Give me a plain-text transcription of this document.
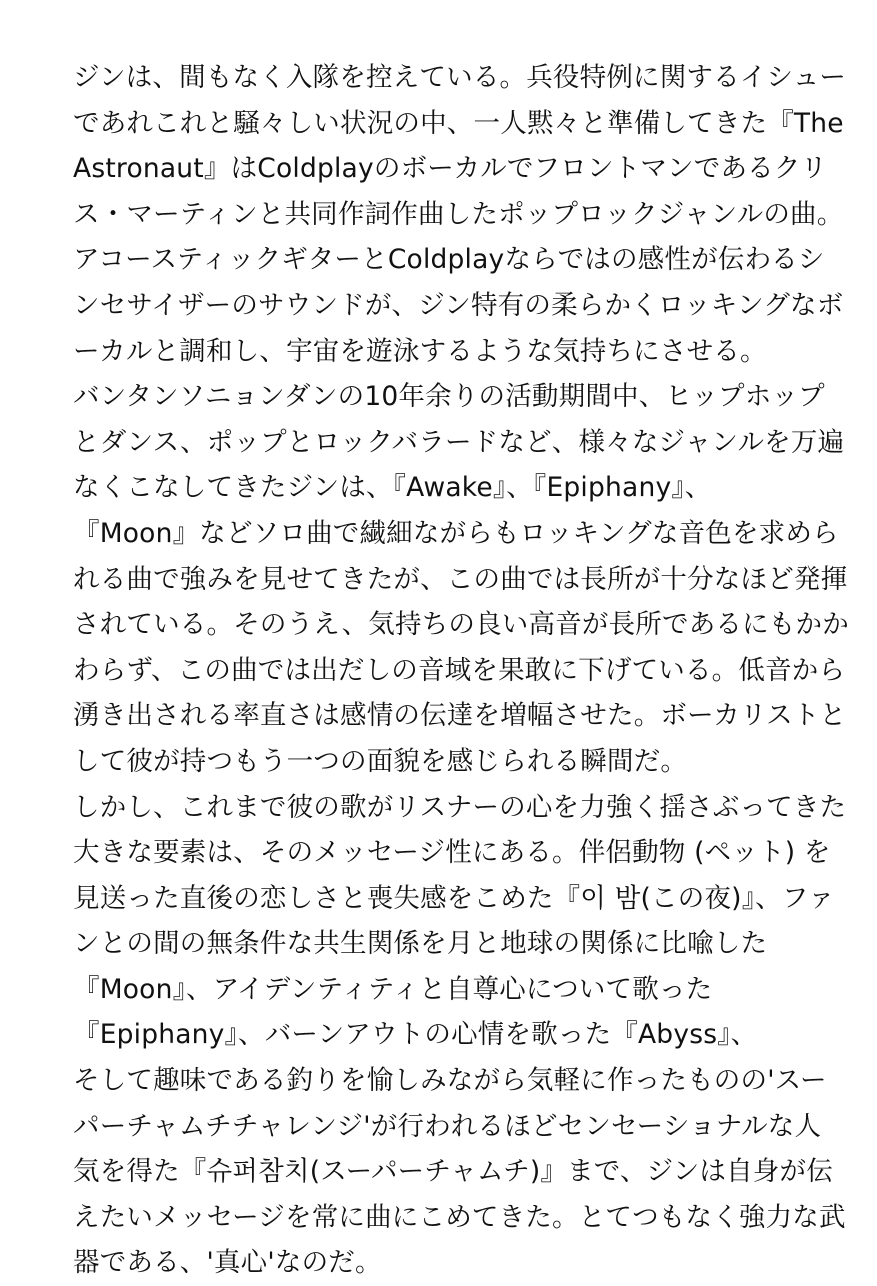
ジンは、間もなく入隊を控えている。兵役特例に関するイシュー
であれこれと騒々しい状況の中、一人黙々と準備してきた『The
Astronaut』はColdplayのボーカルでフロントマンであるクリ
ス・マーティンと共同作詞作曲したポップロックジャンルの曲。
アコースティックギターとColdplayならではの感性が伝わるシ
ンセサイザーのサウンドが、ジン特有の柔らかくロッキングなボ
ーカルと調和し、宇宙を遊泳するような気持ちにさせる。
バンタンソニョンダンの10年余りの活動期間中、ヒップホップ
とダンス、ポップとロックバラードなど、様々なジャンルを万遍
なくこなしてきたジンは、『Awake』、『Epiphany』、
『Moon』などソロ曲で繊細ながらもロッキングな音色を求めら
れる曲で強みを見せてきたが、この曲では長所が十分なほど発揮
されている。そのうえ、気持ちの良い高音が長所であるにもかか
わらず、この曲では出だしの音域を果敢に下げている。低音から
湧き出される率直さは感情の伝達を増幅させた。ボーカリストと
して彼が持つもう一つの面貌を感じられる瞬間だ。
しかし、これまで彼の歌がリスナーの心を力強く揺さぶってきた
大きな要素は、そのメッセージ性にある。伴侶動物 (ペット) を
見送った直後の恋しさと喪失感をこめた『이 밤(この夜)』、ファ
ンとの間の無条件な共生関係を月と地球の関係に比喩した
『Moon』、アイデンティティと自尊心について歌った
『Epiphany』、バーンアウトの心情を歌った『Abyss』、
そして趣味である釣りを愉しみながら気軽に作ったものの'スー
パーチャムチチャレンジ'が行われるほどセンセーショナルな人
気を得た『슈퍼참치(スーパーチャムチ)』まで、ジンは自身が伝
えたいメッセージを常に曲にこめてきた。とてつもなく強力な武
器である、'真心'なのだ。
